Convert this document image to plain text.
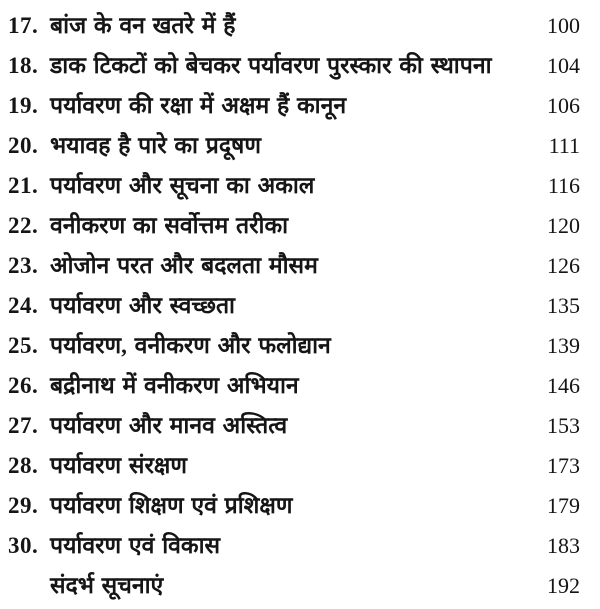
17. बांज के वन खतरे में हैं	100
18. डाक टिकटों को बेचकर पर्यावरण पुरस्कार की स्थापना	104
19. पर्यावरण की रक्षा में अक्षम हैं कानून	106
20. भयावह है पारे का प्रदूषण	111
21. पर्यावरण और सूचना का अकाल	116
22. वनीकरण का सर्वोत्तम तरीका	120
23. ओजोन परत और बदलता मौसम	126
24. पर्यावरण और स्वच्छता	135
25. पर्यावरण, वनीकरण और फलोद्यान	139
26. बद्रीनाथ में वनीकरण अभियान	146
27. पर्यावरण और मानव अस्तित्व	153
28. पर्यावरण संरक्षण	173
29. पर्यावरण शिक्षण एवं प्रशिक्षण	179
30. पर्यावरण एवं विकास	183
संदर्भ सूचनाएं	192
